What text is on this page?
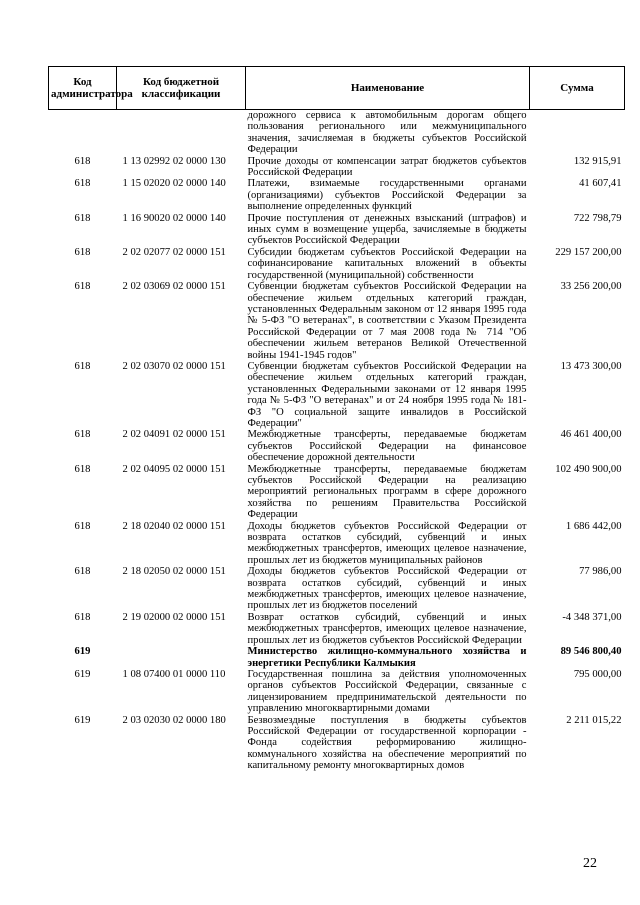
Код администратора	Код бюджетной классификации	Наименование	Сумма
		дорожного сервиса к автомобильным дорогам общего пользования регионального или межмуниципального значения, зачисляемая в бюджеты субъектов Российской Федерации	
618	1 13 02992 02 0000 130	Прочие доходы от компенсации затрат бюджетов субъектов Российской Федерации	132 915,91
618	1 15 02020 02 0000 140	Платежи, взимаемые государственными органами (организациями) субъектов Российской Федерации за выполнение определенных функций	41 607,41
618	1 16 90020 02 0000 140	Прочие поступления от денежных взысканий (штрафов) и иных сумм в возмещение ущерба, зачисляемые в бюджеты субъектов Российской Федерации	722 798,79
618	2 02 02077 02 0000 151	Субсидии бюджетам субъектов Российской Федерации на софинансирование капитальных вложений в объекты государственной (муниципальной) собственности	229 157 200,00
618	2 02 03069 02 0000 151	Субвенции бюджетам субъектов Российской Федерации на обеспечение жильем отдельных категорий граждан, установленных Федеральным законом от 12 января 1995 года № 5-ФЗ "О ветеранах", в соответствии с Указом Президента Российской Федерации от 7 мая 2008 года № 714 "Об обеспечении жильем ветеранов Великой Отечественной войны 1941-1945 годов"	33 256 200,00
618	2 02 03070 02 0000 151	Субвенции бюджетам субъектов Российской Федерации на обеспечение жильем отдельных категорий граждан, установленных Федеральными законами от 12 января 1995 года № 5-ФЗ "О ветеранах" и от 24 ноября 1995 года № 181-ФЗ "О социальной защите инвалидов в Российской Федерации"	13 473 300,00
618	2 02 04091 02 0000 151	Межбюджетные трансферты, передаваемые бюджетам субъектов Российской Федерации на финансовое обеспечение дорожной деятельности	46 461 400,00
618	2 02 04095 02 0000 151	Межбюджетные трансферты, передаваемые бюджетам субъектов Российской Федерации на реализацию мероприятий региональных программ в сфере дорожного хозяйства по решениям Правительства Российской Федерации	102 490 900,00
618	2 18 02040 02 0000 151	Доходы бюджетов субъектов Российской Федерации от возврата остатков субсидий, субвенций и иных межбюджетных трансфертов, имеющих целевое назначение, прошлых лет из бюджетов муниципальных районов	1 686 442,00
618	2 18 02050 02 0000 151	Доходы бюджетов субъектов Российской Федерации от возврата остатков субсидий, субвенций и иных межбюджетных трансфертов, имеющих целевое назначение, прошлых лет из бюджетов поселений	77 986,00
618	2 19 02000 02 0000 151	Возврат остатков субсидий, субвенций и иных межбюджетных трансфертов, имеющих целевое назначение, прошлых лет из бюджетов субъектов Российской Федерации	-4 348 371,00
619		Министерство жилищно-коммунального хозяйства и энергетики Республики Калмыкия	89 546 800,40
619	1 08 07400 01 0000 110	Государственная пошлина за действия уполномоченных органов субъектов Российской Федерации, связанные с лицензированием предпринимательской деятельности по управлению многоквартирными домами	795 000,00
619	2 03 02030 02 0000 180	Безвозмездные поступления в бюджеты субъектов Российской Федерации от государственной корпорации - Фонда содействия реформированию жилищно-коммунального хозяйства на обеспечение мероприятий по капитальному ремонту многоквартирных домов	2 211 015,22
22
